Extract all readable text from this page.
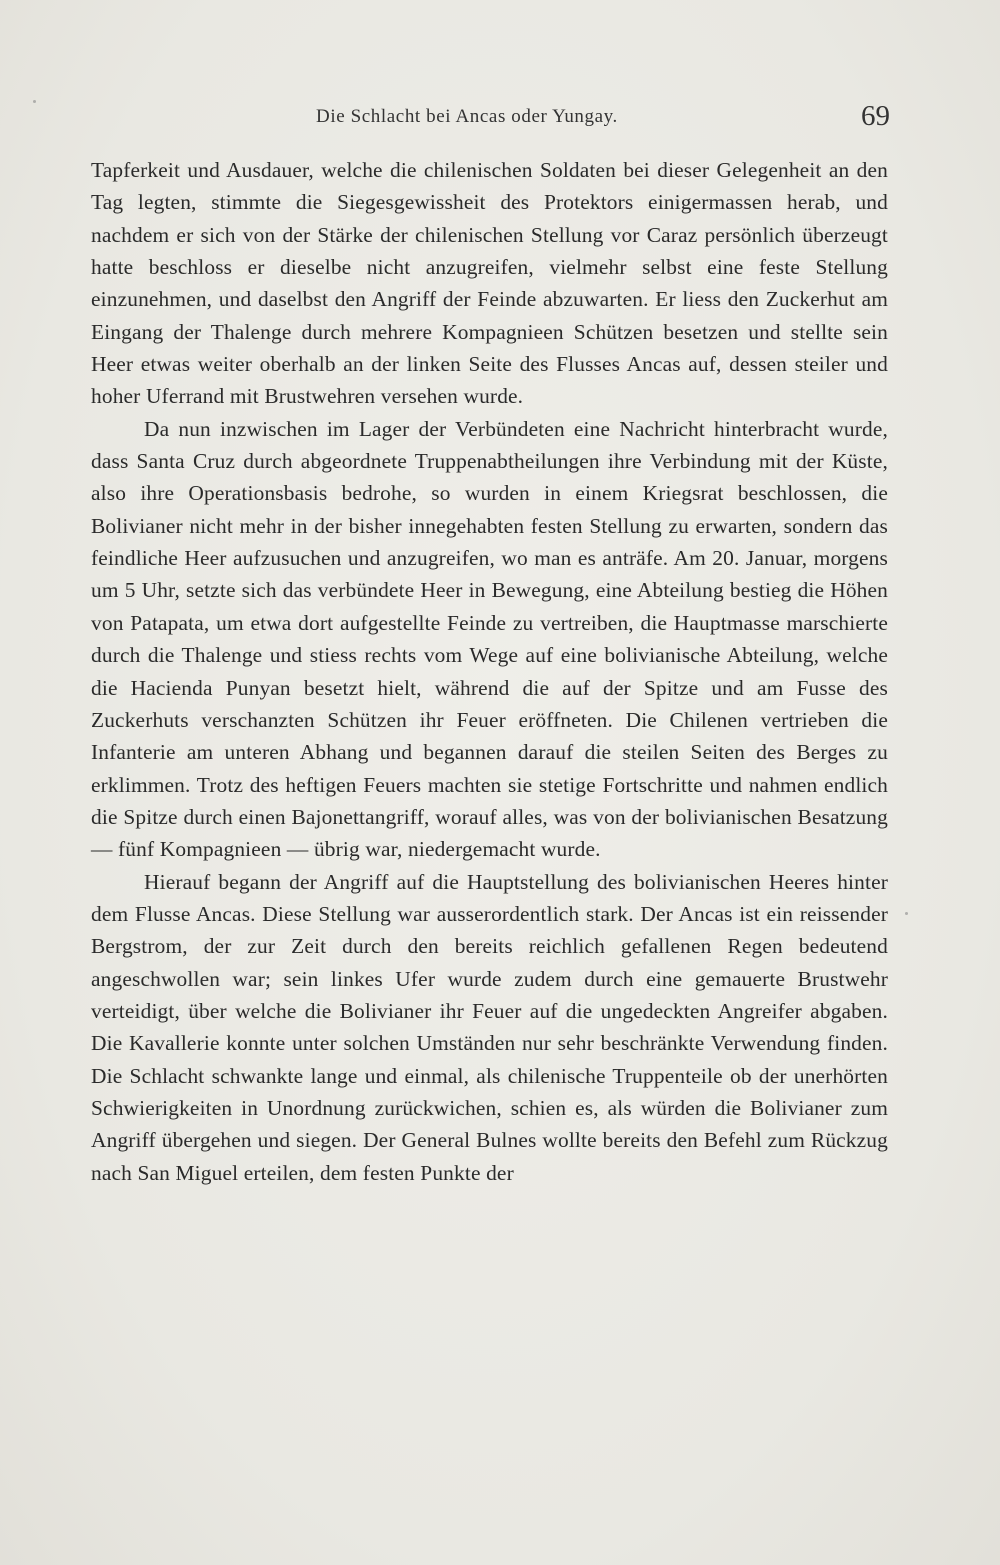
Die Schlacht bei Ancas oder Yungay.	69

Tapferkeit und Ausdauer, welche die chilenischen Soldaten bei dieser Gelegenheit an den Tag legten, stimmte die Siegesgewissheit des Protektors einigermassen herab, und nachdem er sich von der Stärke der chilenischen Stellung vor Caraz persönlich überzeugt hatte beschloss er dieselbe nicht anzugreifen, vielmehr selbst eine feste Stellung einzunehmen, und daselbst den Angriff der Feinde abzuwarten. Er liess den Zuckerhut am Eingang der Thalenge durch mehrere Kompagnieen Schützen besetzen und stellte sein Heer etwas weiter oberhalb an der linken Seite des Flusses Ancas auf, dessen steiler und hoher Uferrand mit Brustwehren versehen wurde.

Da nun inzwischen im Lager der Verbündeten eine Nachricht hinterbracht wurde, dass Santa Cruz durch abgeordnete Truppenabtheilungen ihre Verbindung mit der Küste, also ihre Operationsbasis bedrohe, so wurden in einem Kriegsrat beschlossen, die Bolivianer nicht mehr in der bisher innegehabten festen Stellung zu erwarten, sondern das feindliche Heer aufzusuchen und anzugreifen, wo man es anträfe. Am 20. Januar, morgens um 5 Uhr, setzte sich das verbündete Heer in Bewegung, eine Abteilung bestieg die Höhen von Patapata, um etwa dort aufgestellte Feinde zu vertreiben, die Hauptmasse marschierte durch die Thalenge und stiess rechts vom Wege auf eine bolivianische Abteilung, welche die Hacienda Punyan besetzt hielt, während die auf der Spitze und am Fusse des Zuckerhuts verschanzten Schützen ihr Feuer eröffneten. Die Chilenen vertrieben die Infanterie am unteren Abhang und begannen darauf die steilen Seiten des Berges zu erklimmen. Trotz des heftigen Feuers machten sie stetige Fortschritte und nahmen endlich die Spitze durch einen Bajonettangriff, worauf alles, was von der bolivianischen Besatzung — fünf Kompagnieen — übrig war, niedergemacht wurde.

Hierauf begann der Angriff auf die Hauptstellung des bolivianischen Heeres hinter dem Flusse Ancas. Diese Stellung war ausserordentlich stark. Der Ancas ist ein reissender Bergstrom, der zur Zeit durch den bereits reichlich gefallenen Regen bedeutend angeschwollen war; sein linkes Ufer wurde zudem durch eine gemauerte Brustwehr verteidigt, über welche die Bolivianer ihr Feuer auf die ungedeckten Angreifer abgaben. Die Kavallerie konnte unter solchen Umständen nur sehr beschränkte Verwendung finden. Die Schlacht schwankte lange und einmal, als chilenische Truppenteile ob der unerhörten Schwierigkeiten in Unordnung zurückwichen, schien es, als würden die Bolivianer zum Angriff übergehen und siegen. Der General Bulnes wollte bereits den Befehl zum Rückzug nach San Miguel erteilen, dem festen Punkte der
